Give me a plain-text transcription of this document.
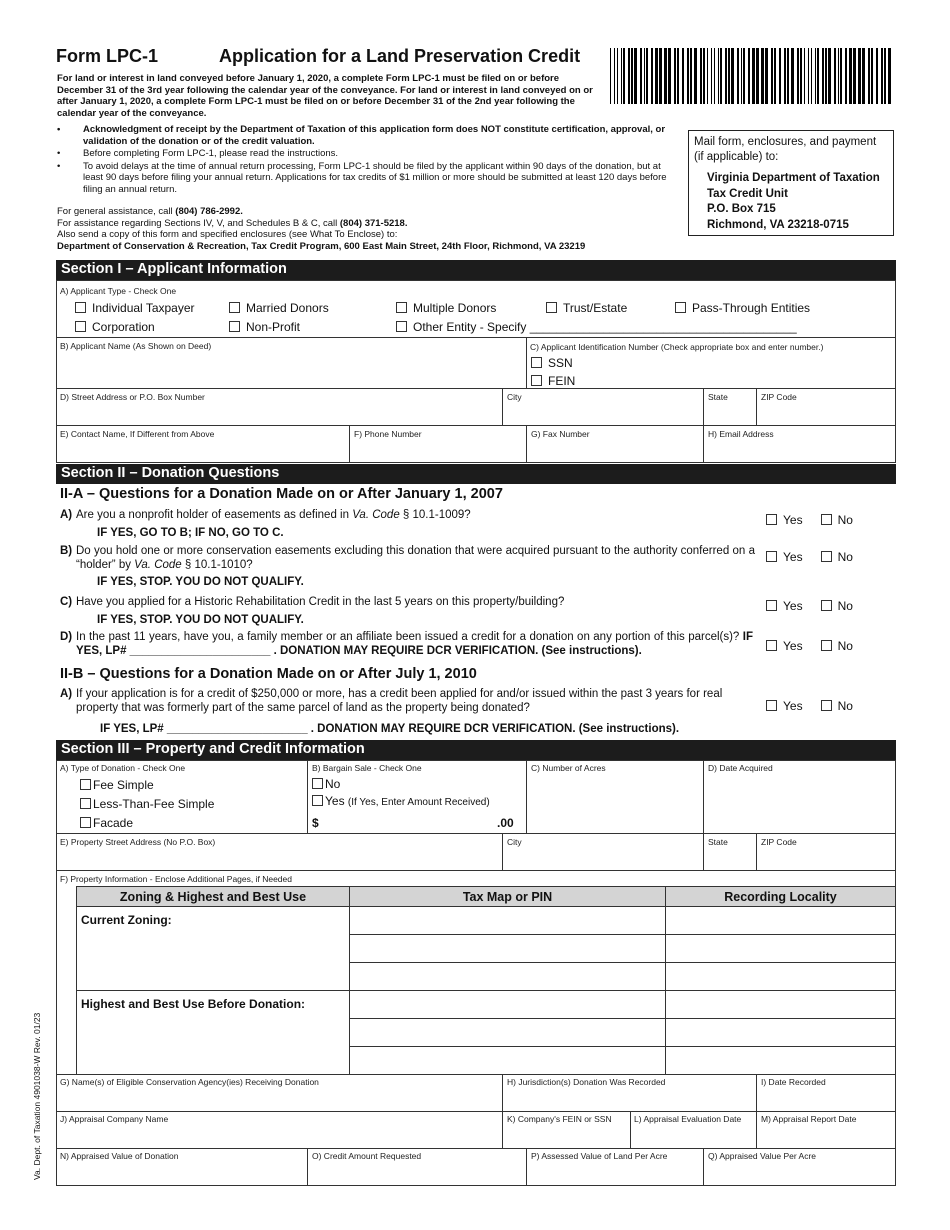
Form LPC-1	Application for a Land Preservation Credit
For land or interest in land conveyed before January 1, 2020, a complete Form LPC-1 must be filed on or before December 31 of the 3rd year following the calendar year of the conveyance. For land or interest in land conveyed on or after January 1, 2020, a complete Form LPC-1 must be filed on or before December 31 of the 2nd year following the calendar year of the conveyance.
• Acknowledgment of receipt by the Department of Taxation of this application form does NOT constitute certification, approval, or validation of the donation or of the credit valuation.
• Before completing Form LPC-1, please read the instructions.
• To avoid delays at the time of annual return processing, Form LPC-1 should be filed by the applicant within 90 days of the donation, but at least 90 days before filing your annual return. Applications for tax credits of $1 million or more should be submitted at least 120 days before filing an annual return.
For general assistance, call (804) 786-2992.
For assistance regarding Sections IV, V, and Schedules B & C, call (804) 371-5218.
Also send a copy of this form and specified enclosures (see What To Enclose) to:
Department of Conservation & Recreation, Tax Credit Program, 600 East Main Street, 24th Floor, Richmond, VA 23219
Mail form, enclosures, and payment (if applicable) to:
Virginia Department of Taxation
Tax Credit Unit
P.O. Box 715
Richmond, VA 23218-0715
Section I – Applicant Information
A) Applicant Type - Check One
Individual Taxpayer	Married Donors	Multiple Donors	Trust/Estate	Pass-Through Entities
Corporation	Non-Profit	Other Entity - Specify ________________________________________
B) Applicant Name (As Shown on Deed)	C) Applicant Identification Number (Check appropriate box and enter number.)
SSN
FEIN
D) Street Address or P.O. Box Number	City	State	ZIP Code
E) Contact Name, If Different from Above	F) Phone Number	G) Fax Number	H) Email Address
Section II – Donation Questions
II-A – Questions for a Donation Made on or After January 1, 2007
A) Are you a nonprofit holder of easements as defined in Va. Code § 10.1-1009?
IF YES, GO TO B; IF NO, GO TO C.
Yes	No
B) Do you hold one or more conservation easements excluding this donation that were acquired pursuant to the authority conferred on a “holder” by Va. Code § 10.1-1010?
IF YES, STOP. YOU DO NOT QUALIFY.
Yes	No
C) Have you applied for a Historic Rehabilitation Credit in the last 5 years on this property/building?
IF YES, STOP. YOU DO NOT QUALIFY.
Yes	No
D) In the past 11 years, have you, a family member or an affiliate been issued a credit for a donation on any portion of this parcel(s)? IF YES, LP# ______________________ . DONATION MAY REQUIRE DCR VERIFICATION. (See instructions).	Yes	No
II-B – Questions for a Donation Made on or After July 1, 2010
A) If your application is for a credit of $250,000 or more, has a credit been applied for and/or issued within the past 3 years for real property that was formerly part of the same parcel of land as the property being donated?
IF YES, LP# ______________________ . DONATION MAY REQUIRE DCR VERIFICATION. (See instructions).
Yes	No
Section III – Property and Credit Information
A) Type of Donation - Check One
Fee Simple
Less-Than-Fee Simple
Facade
B) Bargain Sale - Check One
No
Yes (If Yes, Enter Amount Received)
$	.00
C) Number of Acres	D) Date Acquired
E) Property Street Address (No P.O. Box)	City	State	ZIP Code
F) Property Information - Enclose Additional Pages, if Needed
Zoning & Highest and Best Use	Tax Map or PIN	Recording Locality
Current Zoning:		

Highest and Best Use Before Donation:		

G) Name(s) of Eligible Conservation Agency(ies) Receiving Donation	H) Jurisdiction(s) Donation Was Recorded	I) Date Recorded
J) Appraisal Company Name	K) Company's FEIN or SSN	L) Appraisal Evaluation Date M) Appraisal Report Date
N) Appraised Value of Donation	O) Credit Amount Requested	P) Assessed Value of Land Per Acre	Q) Appraised Value Per Acre
Va. Dept. of Taxation 4901038-W Rev. 01/23
